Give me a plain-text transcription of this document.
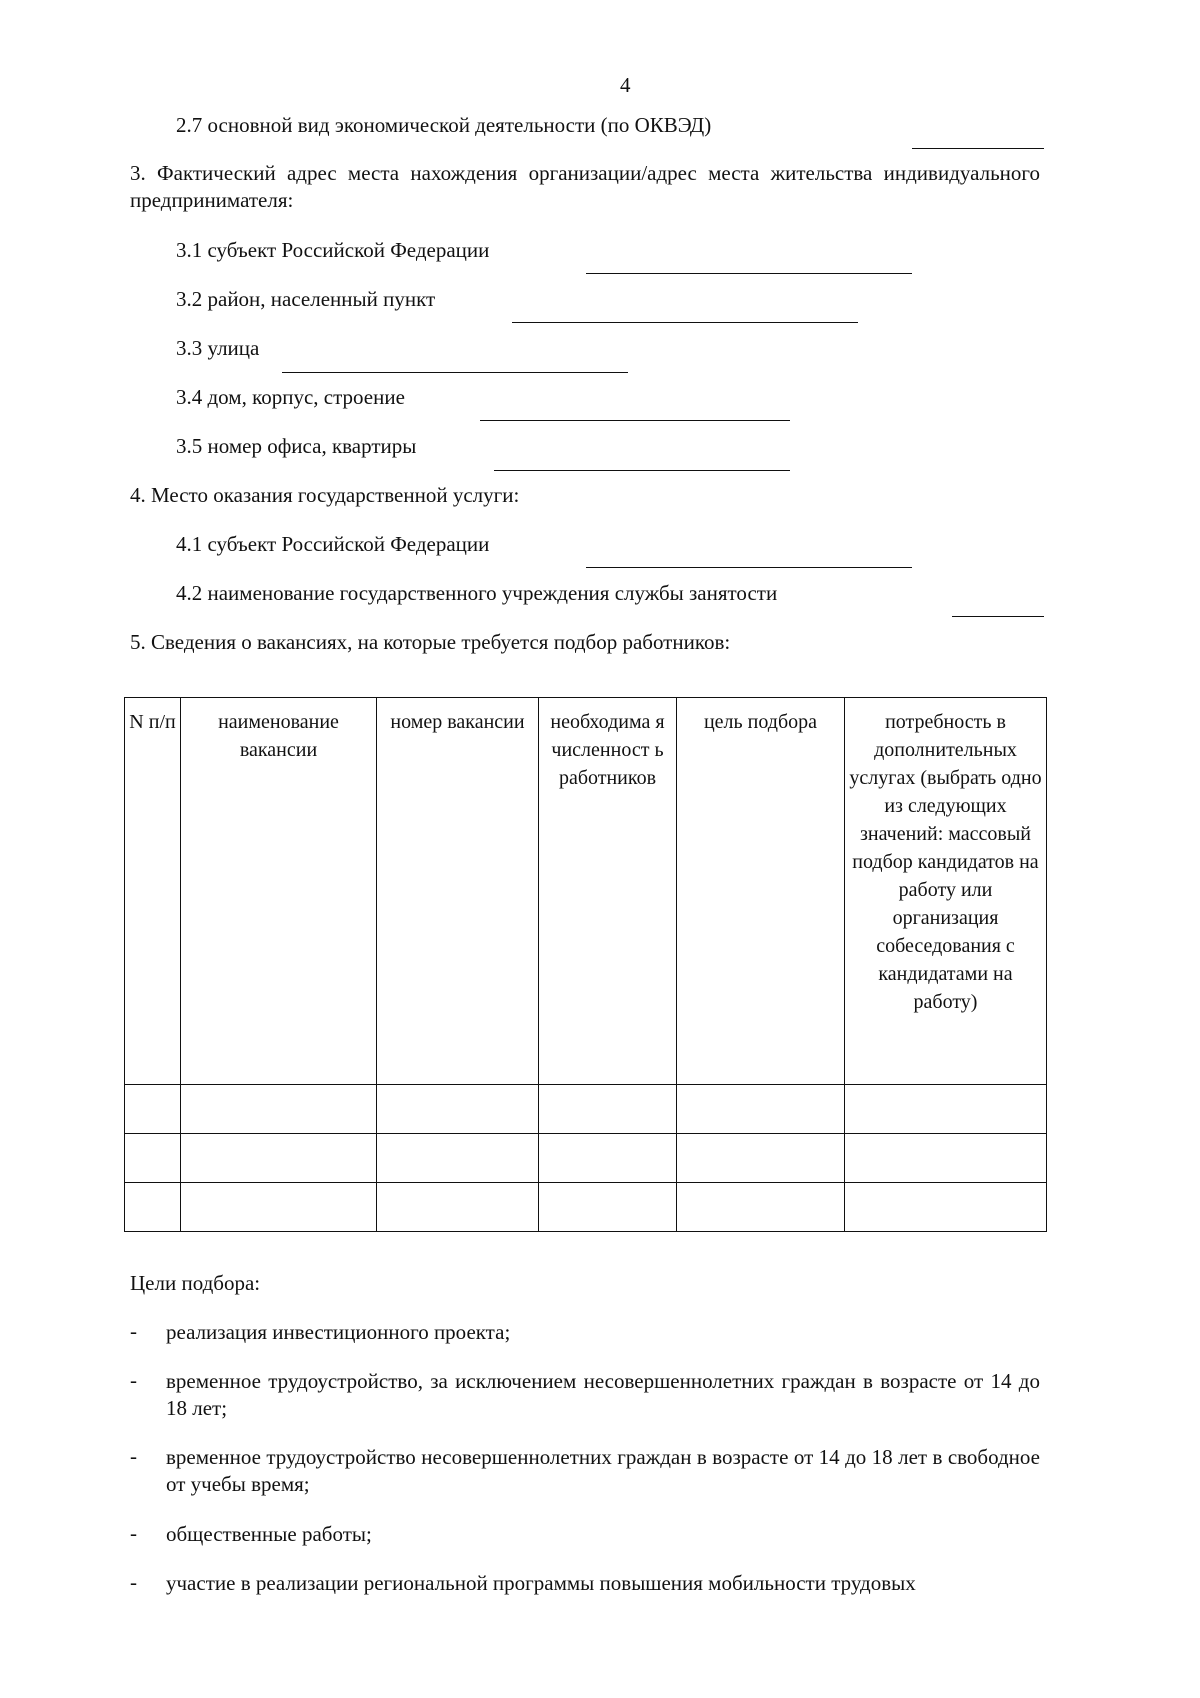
4
2.7 основной вид экономической деятельности (по ОКВЭД)
3. Фактический адрес места нахождения организации/адрес места жительства индивидуального предпринимателя:
3.1 субъект Российской Федерации
3.2 район, населенный пункт
3.3 улица
3.4 дом, корпус, строение
3.5 номер офиса, квартиры
4. Место оказания государственной услуги:
4.1 субъект Российской Федерации
4.2 наименование государственного учреждения службы занятости
5. Сведения о вакансиях, на которые требуется подбор работников:
N п/п	наименование вакансии	номер вакансии	необходима я численност ь работников	цель подбора	потребность в дополнительных услугах (выбрать одно из следующих значений: массовый подбор кандидатов на работу или организация собеседования с кандидатами на работу)

Цели подбора:
- реализация инвестиционного проекта;
- временное трудоустройство, за исключением несовершеннолетних граждан в возрасте от 14 до 18 лет;
- временное трудоустройство несовершеннолетних граждан в возрасте от 14 до 18 лет в свободное от учебы время;
- общественные работы;
- участие в реализации региональной программы повышения мобильности трудовых
